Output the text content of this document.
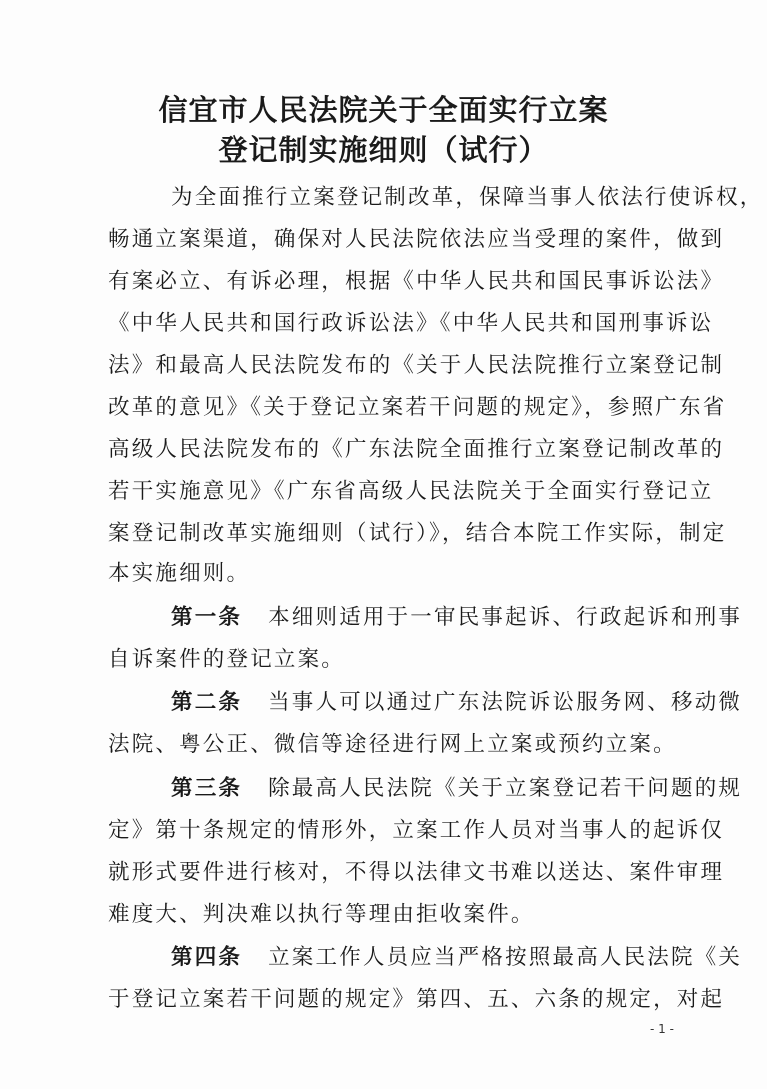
信宜市人民法院关于全面实行立案
登记制实施细则（试行）
为全面推行立案登记制改革，保障当事人依法行使诉权，
畅通立案渠道，确保对人民法院依法应当受理的案件，做到
有案必立、有诉必理，根据《中华人民共和国民事诉讼法》
《中华人民共和国行政诉讼法》《中华人民共和国刑事诉讼
法》和最高人民法院发布的《关于人民法院推行立案登记制
改革的意见》《关于登记立案若干问题的规定》，参照广东省
高级人民法院发布的《广东法院全面推行立案登记制改革的
若干实施意见》《广东省高级人民法院关于全面实行登记立
案登记制改革实施细则（试行）》，结合本院工作实际，制定
本实施细则。
第一条 本细则适用于一审民事起诉、行政起诉和刑事
自诉案件的登记立案。
第二条 当事人可以通过广东法院诉讼服务网、移动微
法院、粤公正、微信等途径进行网上立案或预约立案。
第三条 除最高人民法院《关于立案登记若干问题的规
定》第十条规定的情形外，立案工作人员对当事人的起诉仅
就形式要件进行核对，不得以法律文书难以送达、案件审理
难度大、判决难以执行等理由拒收案件。
第四条 立案工作人员应当严格按照最高人民法院《关
于登记立案若干问题的规定》第四、五、六条的规定，对起
- 1 -
